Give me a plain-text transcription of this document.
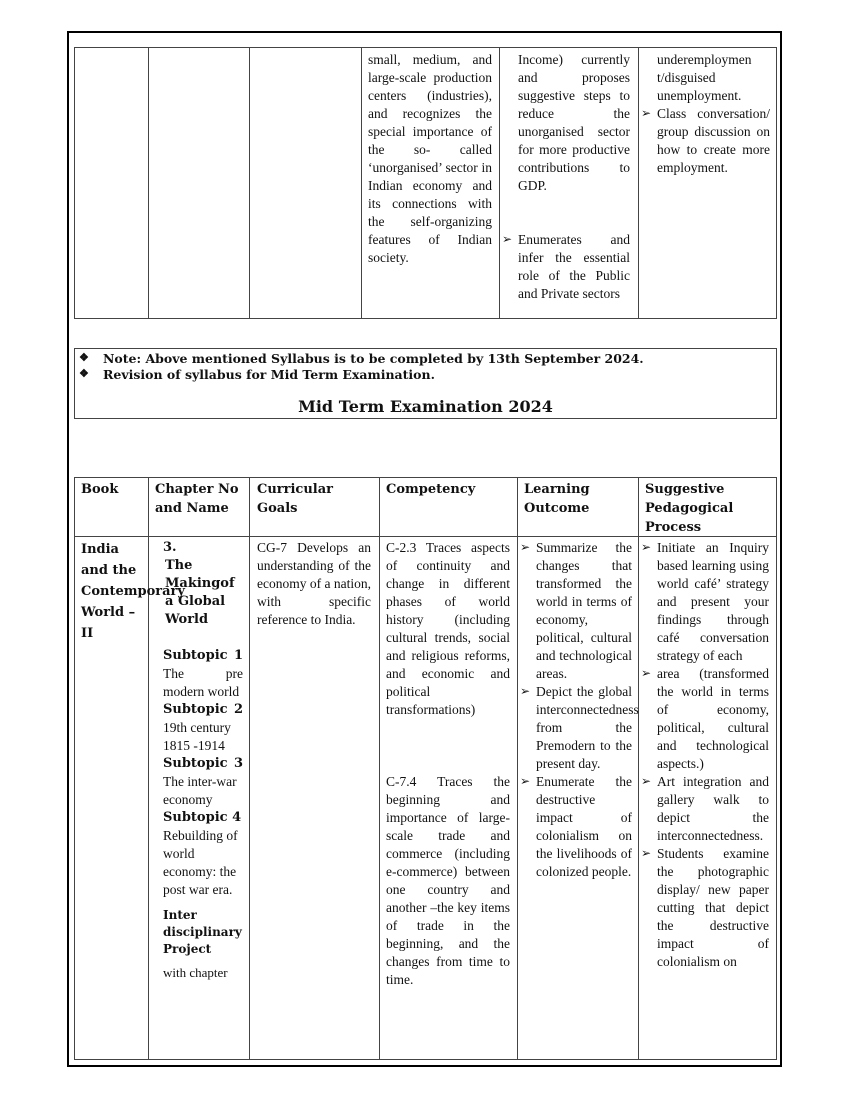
small, medium, and large-scale production centers (industries), and recognizes the special importance of the so- called ‘unorganised’ sector in Indian economy and its connections with the self-organizing features of Indian society.
Income) currently and proposes suggestive steps to reduce the unorganised sector for more productive contributions to GDP.
➢ Enumerates and infer the essential role of the Public and Private sectors
underemploymen t/disguised unemployment.
➢ Class conversation/ group discussion on how to create more employment.
❖ Note: Above mentioned Syllabus is to be completed by 13th September 2024.
❖ Revision of syllabus for Mid Term Examination.
Mid Term Examination 2024
Book	Chapter No and Name
Curricular Goals
Competency	Learning Outcome
Suggestive Pedagogical Process
India and the Contemporary World – II
3.
The Makingof a Global World
Subtopic 1
The pre modern world
Subtopic 2
19th century 1815 -1914
Subtopic 3
The inter-war economy
Subtopic 4
Rebuilding of world economy: the post war era.
Inter disciplinary Project
with chapter
CG-7 Develops an understanding of the economy of a nation, with specific reference to India.
C-2.3 Traces aspects of continuity and change in different phases of world history (including cultural trends, social and religious reforms, and economic and political transformations)
C-7.4 Traces the beginning and importance of large- scale trade and commerce (including e-commerce) between one country and another –the key items of trade in the beginning, and the changes from time to time.
➢ Summarize the changes that transformed the world in terms of economy, political, cultural and technological areas.
➢ Depict the global interconnectedness from the Premodern to the present day.
➢ Enumerate the destructive impact of colonialism on the livelihoods of colonized people.
➢ Initiate an Inquiry based learning using world café’ strategy and present your findings through café conversation strategy of each
➢ area (transformed the world in terms of economy, political, cultural and technological aspects.)
➢ Art integration and gallery walk to depict the interconnectedness.
➢ Students examine the photographic display/ new paper cutting that depict the destructive impact of colonialism on
